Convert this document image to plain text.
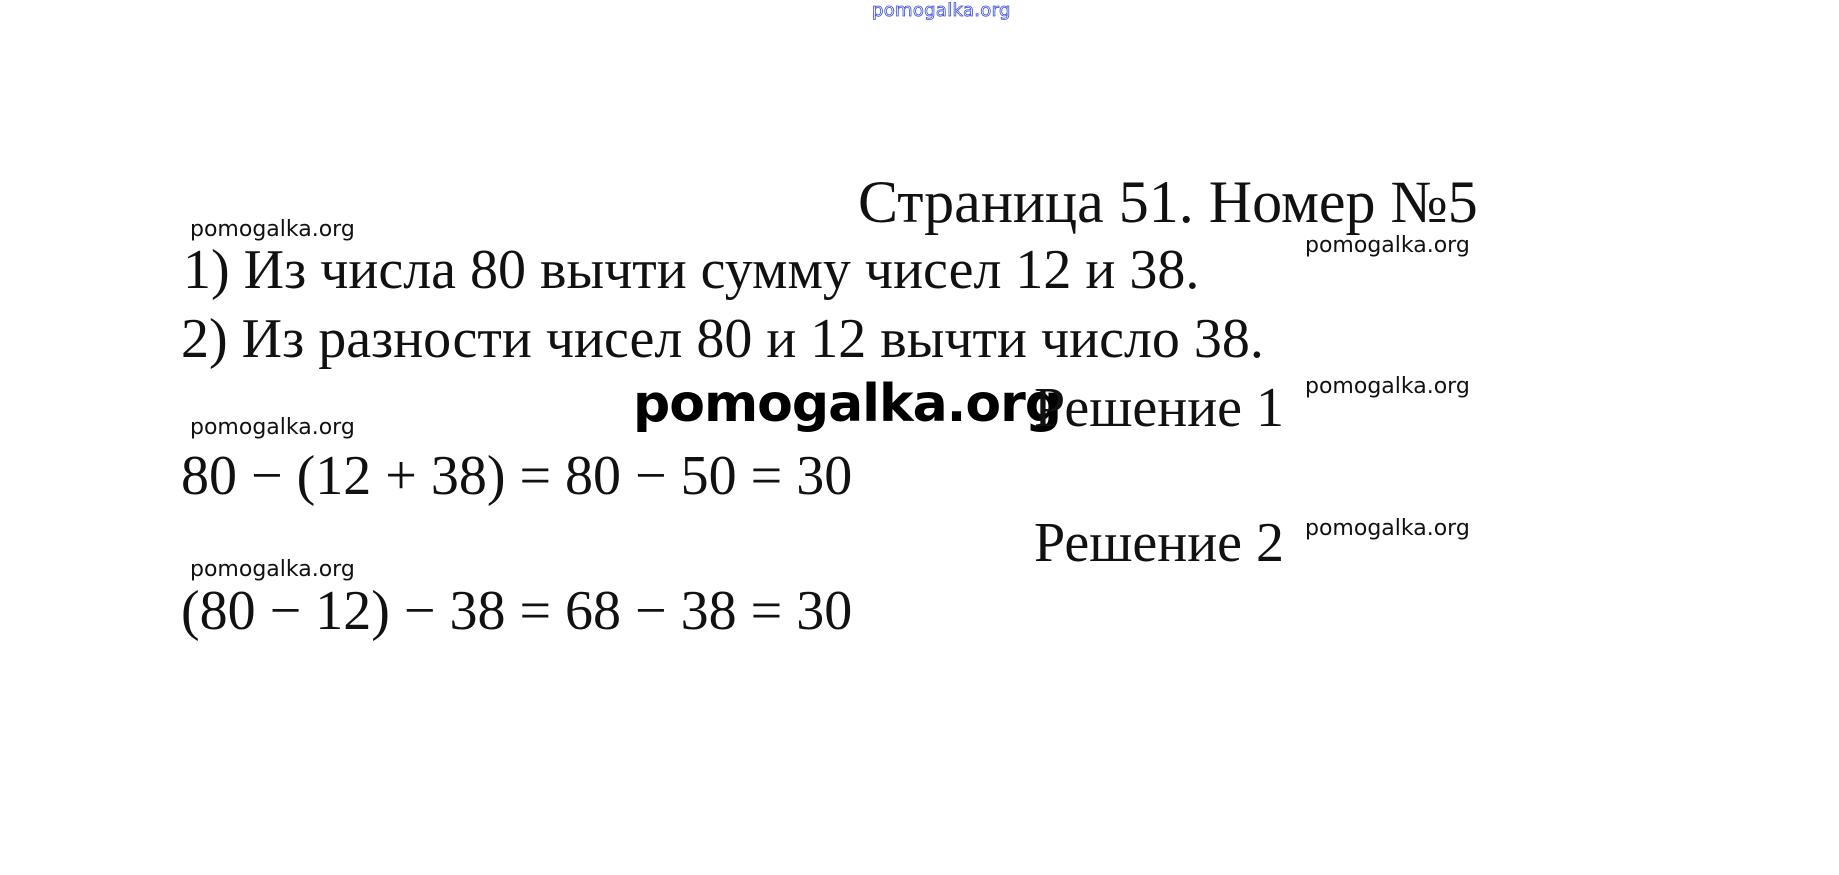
pomogalka.org
Страница 51. Номер №5
pomogalka.org
pomogalka.org
1) Из числа 80 вычти сумму чисел 12 и 38.
2) Из разности чисел 80 и 12 вычти число 38.
pomogalka.org
Решение 1 pomogalka.org
pomogalka.org
80 − (12 + 38) = 80 − 50 = 30
Решение 2 pomogalka.org
pomogalka.org
(80 − 12) − 38 = 68 − 38 = 30
